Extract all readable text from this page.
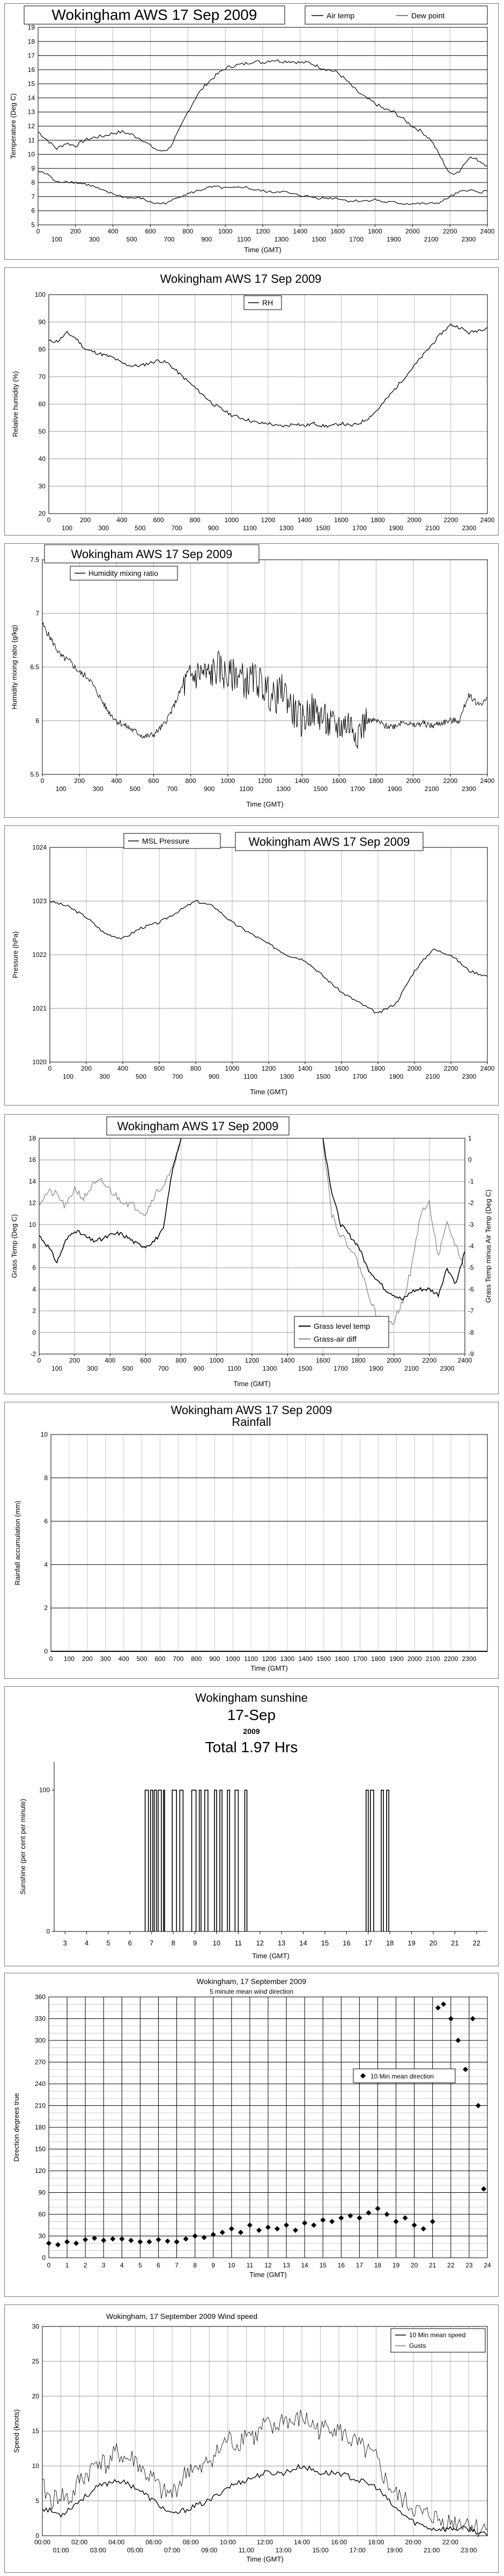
Wokingham AWS 17 Sep 2009
5
6
7
8
9
10
11
12
13
14
15
16
17
18
19
0	200	400	600	800	1000	1200	1400	1600	1800	2000	2200	2400
100	300	500	700	900	1100	1300	1500	1700	1900	2100	2300
Time (GMT)
Temperature (Deg C)
Air temp	Dew point
Wokingham AWS 17 Sep 2009
20
30
40
50
60
70
80
90
100
0
100
200
300
400
500
600
700
800
900
1000
1100
1200
1300
1400
1500
1600
1700
1800
1900
2000
2100
2200
2300
2400
Relative humidity (%)
RH
Wokingham AWS 17 Sep 2009
5.5
6
6.5
7
7.5
0	200	400	600	800	1000	1200	1400	1600	1800	2000	2200	2400
100	300	500	700	900	1100	1300	1500	1700	1900	2100	2300
Time (GMT)
Humidity mixing ratio (g/kg)
Humidity mixing ratio
Wokingham AWS 17 Sep 2009
MSL Pressure
1020
1021
1022
1023
1024
0	200	400	600	800	1000	1200	1400	1600	1800	2000	2200	2400
100	300	500	700	900	1100	1300	1500	1700	1900	2100	2300
Time (GMT)
Pressure (hPa)
Wokingham AWS 17 Sep 2009
-2
0
2
4
6
8
10
12
14
16
18
-9
-8
-7
-6
-5
-4
-3
-2
-1
0
1
0	200	400	600	800	1000	1200	1400	1600	1800	2000	2200	2400
100	300	500	700	900	1100	1300	1500	1700	1900	2100	2300
Time (GMT)
Grass Temp (Deg C)	Grass Temp minus Air Temp (Deg C)
Grass level temp
Grass-air diff
Wokingham AWS 17 Sep 2009
Rainfall
0
2
4
6
8
10
0 100 200 300 400 500 600 700 800 900 1000 1100 1200 1300 1400 1500 1600 1700 1800 1900 2000 2100 2200 2300
Time (GMT)
Rainfall accumulation (mm)
Wokingham sunshine
17-Sep
2009
Total 1.97 Hrs
0
100
3	4	5	6	7	8	9 10 11 12 13 14 15 16 17 18 19 20 21 22
Time (GMT)
Sunshine (per cent per minute)
Wokingham, 17 September 2009
5 minute mean wind direction
0
30
60
90
120
150
180
210
240
270
300
330
360
0 1 2 3 4 5 6 7 8 9 10 11 12 13 14 15 16 17 18 19 20 21 22 23 24
Time (GMT)
Direction degrees true
10 Min mean direction
Wokingham, 17 September 2009 Wind speed
0
5
10
15
20
25
30
00:00	02:00	04:00	06:00	08:00	10:00	12:00	14:00	16:00	18:00	20:00	22:00
01:00	03:00	05:00	07:00	09:00	11:00	13:00	15:00	17:00	19:00	21:00	23:00
Time (GMT)
Speed (knots)
10 Min mean speed
Gusts
